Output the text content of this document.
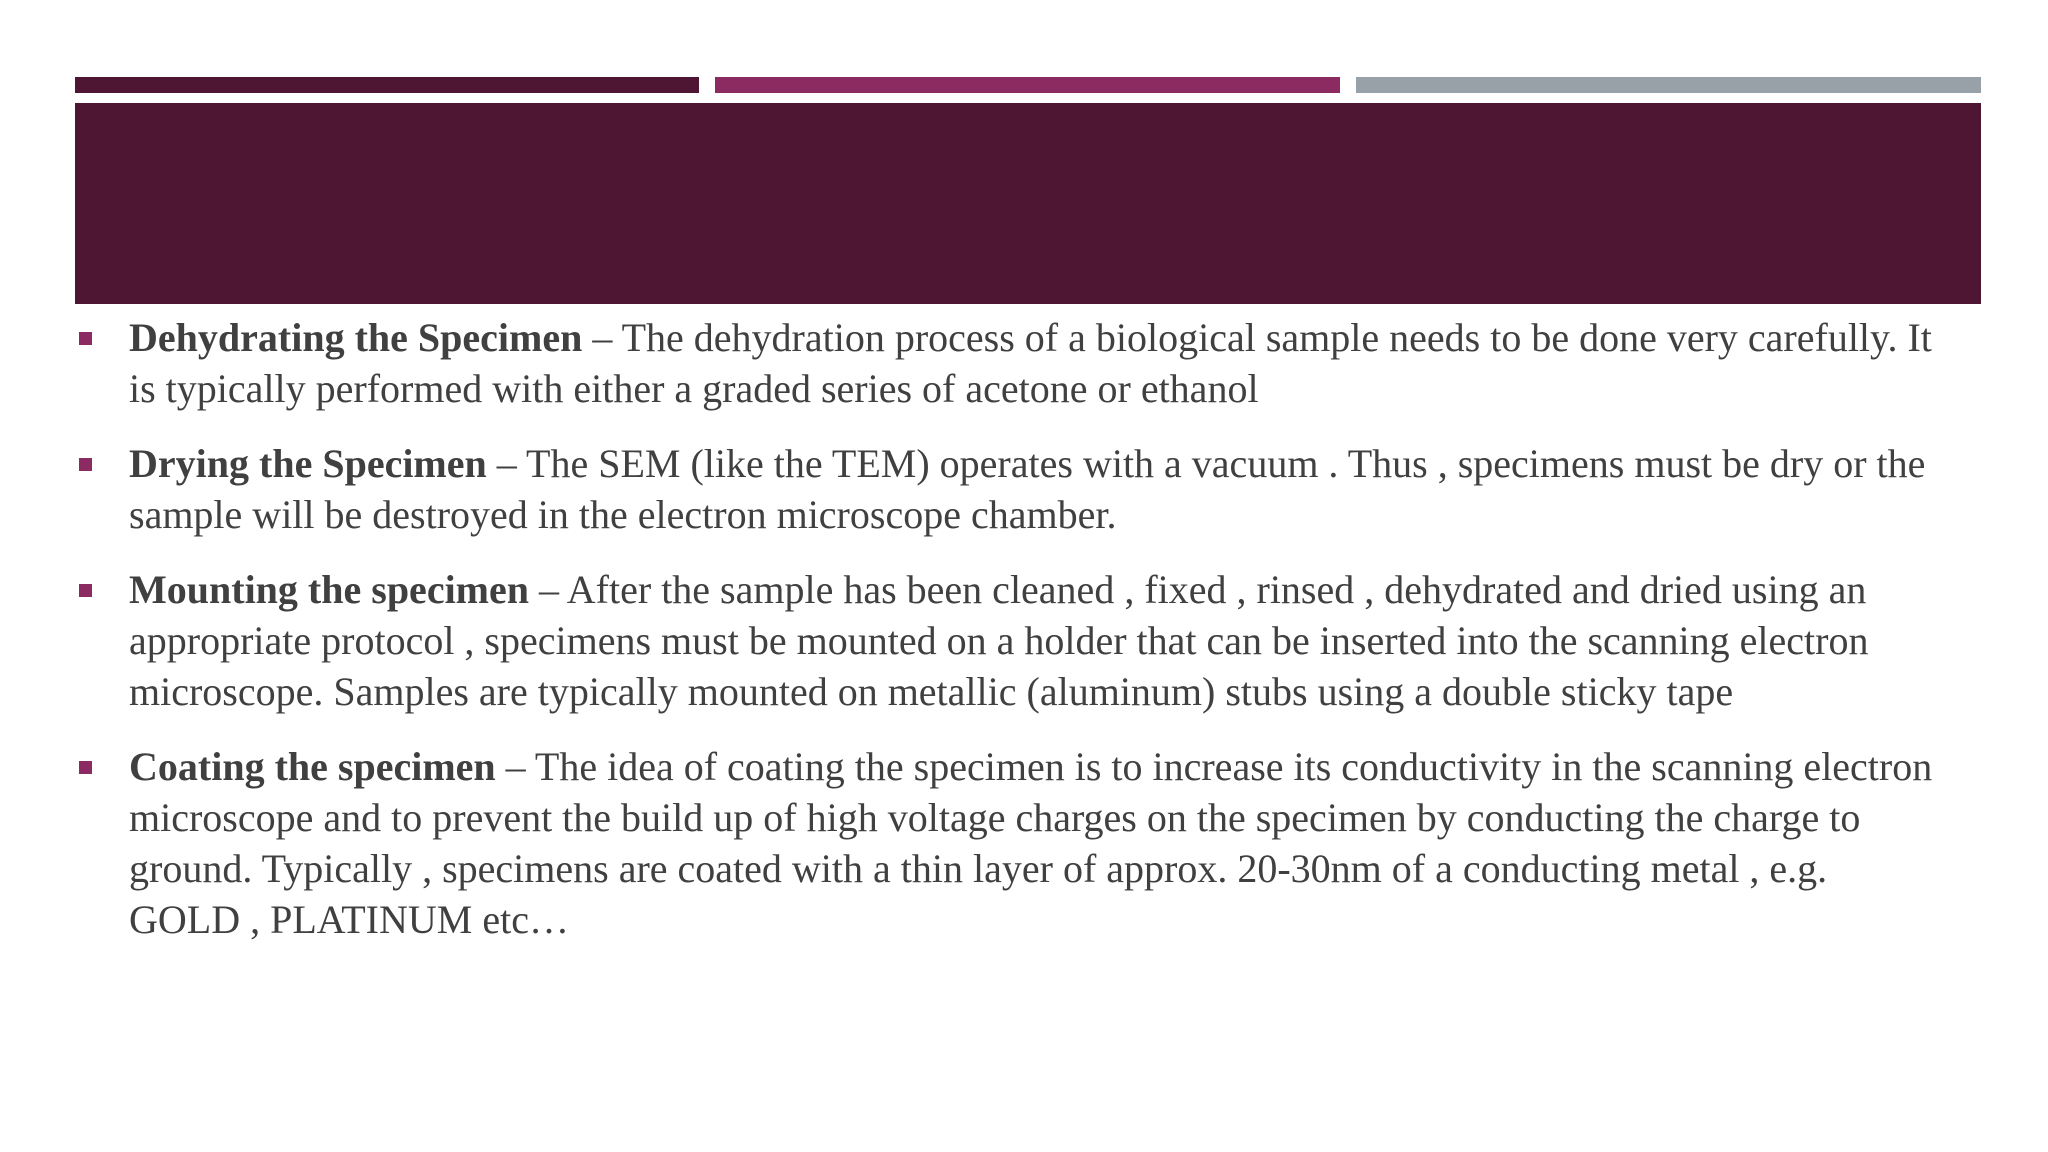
Dehydrating the Specimen – The dehydration process of a biological sample needs to be done very carefully. It is typically performed with either a graded series of acetone or ethanol
Drying the Specimen – The SEM (like the TEM) operates with a vacuum . Thus , specimens must be dry or the sample will be destroyed in the electron microscope chamber.
Mounting the specimen – After the sample has been cleaned , fixed , rinsed , dehydrated and dried using an appropriate protocol , specimens must be mounted on a holder that can be inserted into the scanning electron microscope. Samples are typically mounted on metallic (aluminum) stubs using a double sticky tape
Coating the specimen – The idea of coating the specimen is to increase its conductivity in the scanning electron microscope and to prevent the build up of high voltage charges on the specimen by conducting the charge to ground. Typically , specimens are coated with a thin layer of approx. 20-30nm of a conducting metal , e.g. GOLD , PLATINUM etc…
